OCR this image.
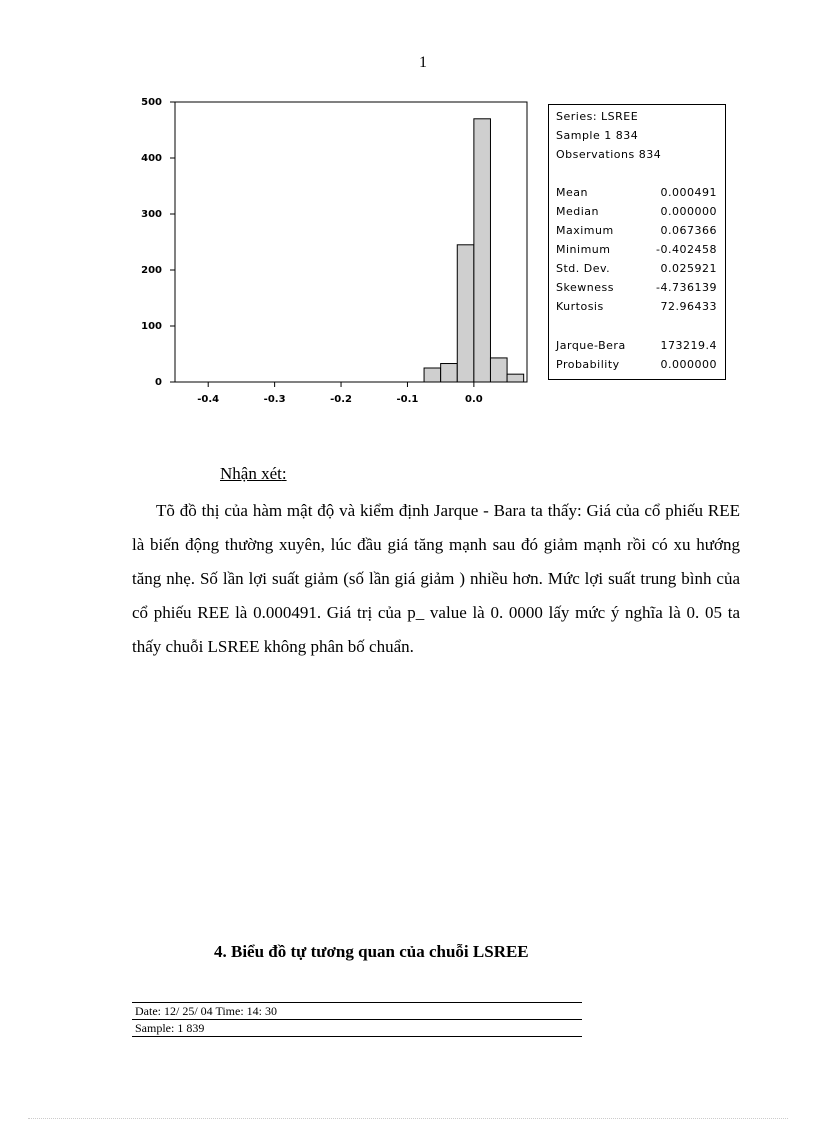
1
0
100
200
300
400
500
-0.4	-0.3	-0.2	-0.1	0.0
Series: LSREE
Sample 1 834
Observations 834
Mean	0.000491
Median	0.000000
Maximum	0.067366
Minimum	-0.402458
Std. Dev.	0.025921
Skewness	-4.736139
Kurtosis	72.96433
Jarque-Bera	173219.4
Probability	0.000000
Nhận xét:

Tõ đồ thị của hàm mật độ và kiểm định Jarque - Bara ta thấy: Giá của cổ phiếu REE là biến động thường xuyên, lúc đầu giá tăng mạnh sau đó giảm mạnh rồi có xu hướng tăng nhẹ. Số lần lợi suất giảm (số lần giá giảm ) nhiều hơn. Mức lợi suất trung bình của cổ phiếu REE là 0.000491. Giá trị của p_ value là 0. 0000 lấy mức ý nghĩa là 0. 05 ta thấy chuỗi LSREE không phân bố chuẩn.

4. Biểu đồ tự tương quan của chuỗi LSREE
Date: 12/ 25/ 04 Time: 14: 30
Sample: 1 839
